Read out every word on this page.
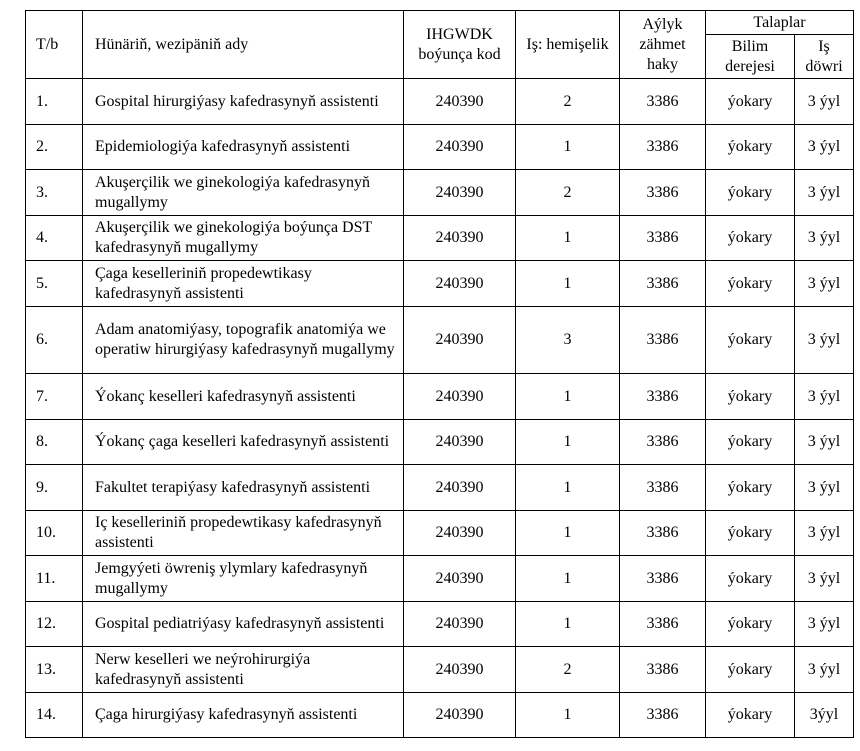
T/b	Hünäriň, wezipäniň ady	IHGWDK boýunça kod	Iş: hemişelik	Aýlyk zähmet haky	Talaplar	
					Bilim derejesi	Iş döwri
1.	Gospital hirurgiýasy kafedrasynyň assistenti	240390	2	3386	ýokary	3 ýyl
2.	Epidemiologiýa kafedrasynyň assistenti	240390	1	3386	ýokary	3 ýyl
3.	Akuşerçilik we ginekologiýa kafedrasynyň mugallymy	240390	2	3386	ýokary	3 ýyl
4.	Akuşerçilik we ginekologiýa boýunça DST kafedrasynyň mugallymy	240390	1	3386	ýokary	3 ýyl
5.	Çaga keselleriniň propedewtikasy kafedrasynyň assistenti	240390	1	3386	ýokary	3 ýyl
6.	Adam anatomiýasy, topografik anatomiýa we operatiw hirurgiýasy kafedrasynyň mugallymy	240390	3	3386	ýokary	3 ýyl
7.	Ýokanç keselleri kafedrasynyň assistenti	240390	1	3386	ýokary	3 ýyl
8.	Ýokanç çaga keselleri kafedrasynyň assistenti	240390	1	3386	ýokary	3 ýyl
9.	Fakultet terapiýasy kafedrasynyň assistenti	240390	1	3386	ýokary	3 ýyl
10.	Iç keselleriniň propedewtikasy kafedrasynyň assistenti	240390	1	3386	ýokary	3 ýyl
11.	Jemgyýeti öwreniş ylymlary kafedrasynyň mugallymy	240390	1	3386	ýokary	3 ýyl
12.	Gospital pediatriýasy kafedrasynyň assistenti	240390	1	3386	ýokary	3 ýyl
13.	Nerw keselleri we neýrohirurgiýa kafedrasynyň assistenti	240390	2	3386	ýokary	3 ýyl
14.	Çaga hirurgiýasy kafedrasynyň assistenti	240390	1	3386	ýokary	3ýyl
